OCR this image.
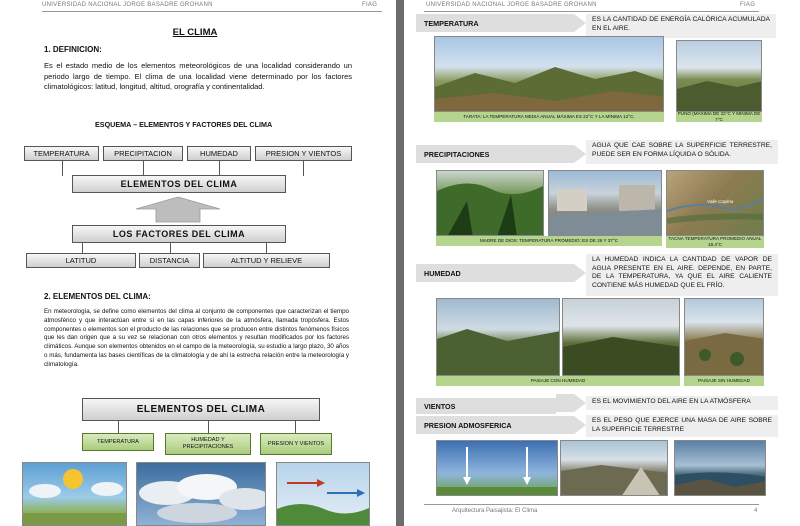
UNIVERSIDAD NACIONAL JORGE BASADRE GROHANN	FIAG
EL CLIMA
1. DEFINICION:
Es el estado medio de los elementos meteorológicos de una localidad considerando un periodo largo de tiempo. El clima de una localidad viene determinado por los factores climatológicos: latitud, longitud, altitud, orografía y continentalidad.
ESQUEMA – ELEMENTOS Y FACTORES DEL CLIMA
TEMPERATURA	PRECIPITACION	HUMEDAD	PRESION Y VIENTOS
ELEMENTOS DEL CLIMA
LOS FACTORES DEL CLIMA
LATITUD	DISTANCIA	ALTITUD Y RELIEVE
2. ELEMENTOS DEL CLIMA:
En meteorología, se define como elementos del clima al conjunto de componentes que caracterizan el tiempo atmosférico y que interactúan entre sí en las capas inferiores de la atmósfera, llamada tropósfera. Estos componentes o elementos son el producto de las relaciones que se producen entre distintos fenómenos físicos que les dan origen que a su vez se relacionan con otros elementos y resultan modificados por los factores climáticos. Aunque son elementos obtenidos en el campo de la meteorología, su estudio a largo plazo, 30 años o más, fundamenta las bases científicas de la climatología y de ahí la estrecha relación entre la meteorología y climatología.
ELEMENTOS DEL CLIMA
TEMPERATURA	HUMEDAD Y PRECIPITACIONES
PRESION Y VIENTOS
UNIVERSIDAD NACIONAL JORGE BASADRE GROHANN	FIAG
TEMPERATURA	ES LA CANTIDAD DE ENERGÍA CALÓRICA ACUMULADA EN EL AIRE.
TARATA: LA TEMPERATURA MEDIA ANUAL MÁXIMA ES 22°C Y LA MÍNIMA 12°C.
PUNO (MÁXIMA DE 22°C Y MÍNIMA DE 7°C
PRECIPITACIONES
AGUA QUE CAE SOBRE LA SUPERFICIE TERRESTRE, PUEDE SER EN FORMA LÍQUIDA O SÓLIDA.
MADRE DE DIOS: TEMPERATURA PROMEDIO: ES DE 26 Y 37°C
Valle Caplina
TACNA TEMPERATURA PROMEDIO ANUAL 18.4°C
HUMEDAD
LA HUMEDAD INDICA LA CANTIDAD DE VAPOR DE AGUA PRESENTE EN EL AIRE. DEPENDE, EN PARTE, DE LA TEMPERATURA, YA QUE EL AIRE CALIENTE CONTIENE MÁS HUMEDAD QUE EL FRÍO.
PAISAJE CON HUMEDAD	PAISAJE SIN HUMEDAD
VIENTOS	ES EL MOVIMIENTO DEL AIRE EN LA ATMÓSFERA
PRESION ADMOSFERICA	ES EL PESO QUE EJERCE UNA MASA DE AIRE SOBRE LA SUPERFICIE TERRESTRE
Arquitectura Paisajista: El Clima	4
